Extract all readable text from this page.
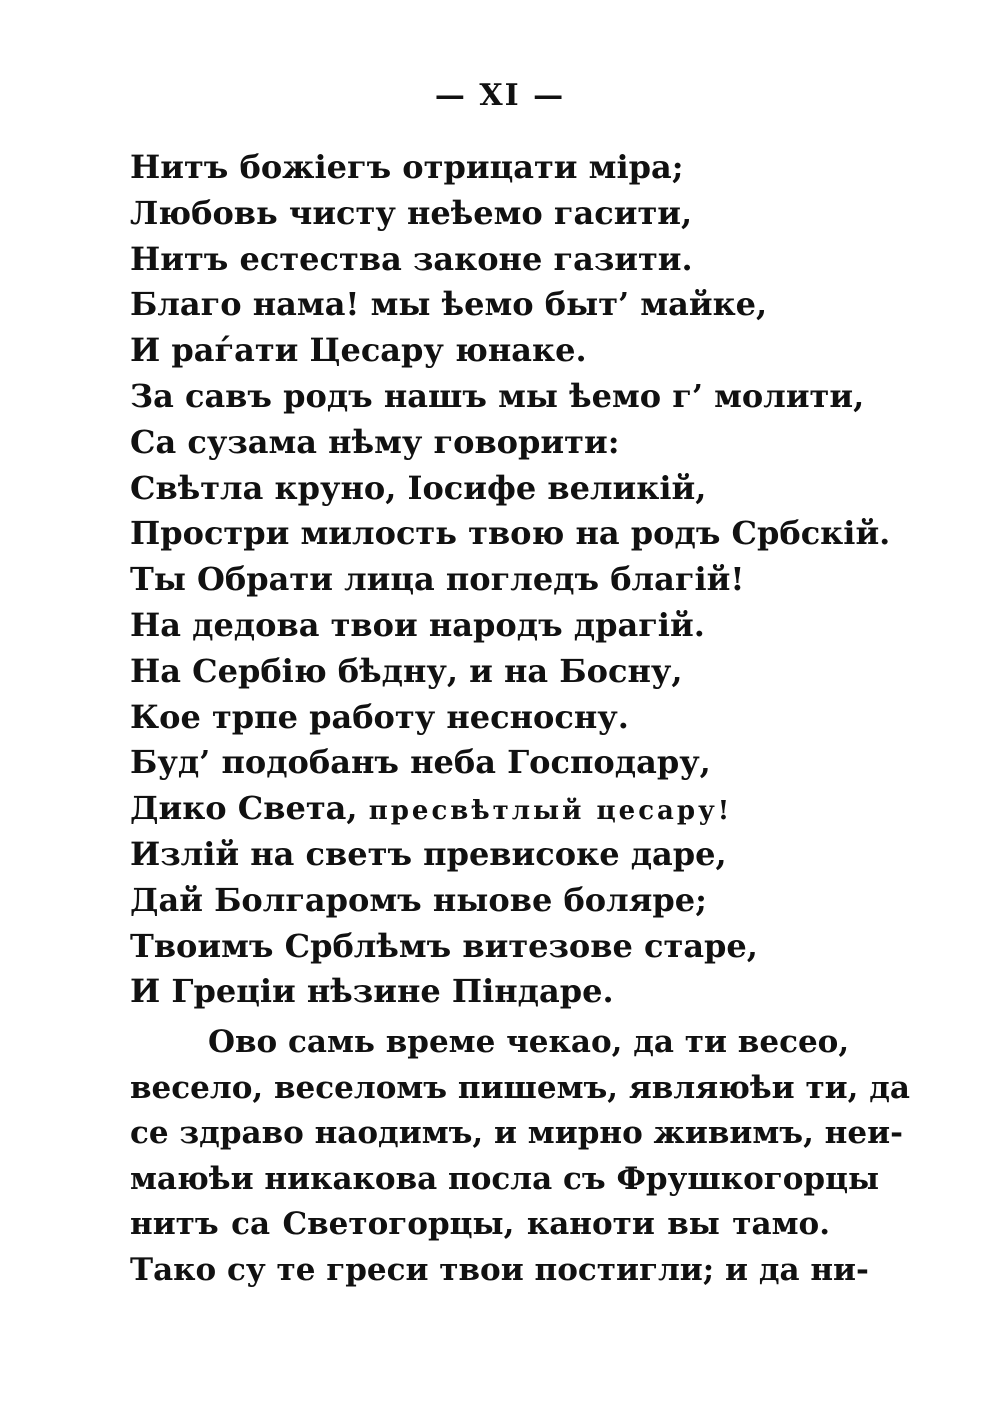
— XI —
Нитъ божіегъ отрицати міра;
Любовь чисту неѣемо гасити,
Нитъ естества законе газити.
Благо нама! мы ѣемо быт’ майке,
И раѓати Цесару юнаке.
За савъ родъ нашъ мы ѣемо г’ молити,
Са сузама нѣму говорити:
Свѣтла круно, Іосифе великій,
Простри милость твою на родъ Србскій.
Ты Обрати лица погледъ благій!
На дедова твои народъ драгій.
На Сербію бѣдну, и на Босну,
Кое трпе работу несносну.
Буд’ подобанъ неба Господару,
Дико Света, пресвѣтлый цесару!
Излій на светъ превисоке даре,
Дай Болгаромъ ныове боляре;
Твоимъ Срблѣмъ витезове старе,
И Греціи нѣзине Піндаре.
Ово самь време чекао, да ти весео,
весело, веселомъ пишемъ, являюѣи ти, да
се здраво наодимъ, и мирно живимъ, неи-
маюѣи никакова посла съ Фрушкогорцы
нитъ са Светогорцы, каноти вы тамо.
Тако су те греси твои постигли; и да ни-
